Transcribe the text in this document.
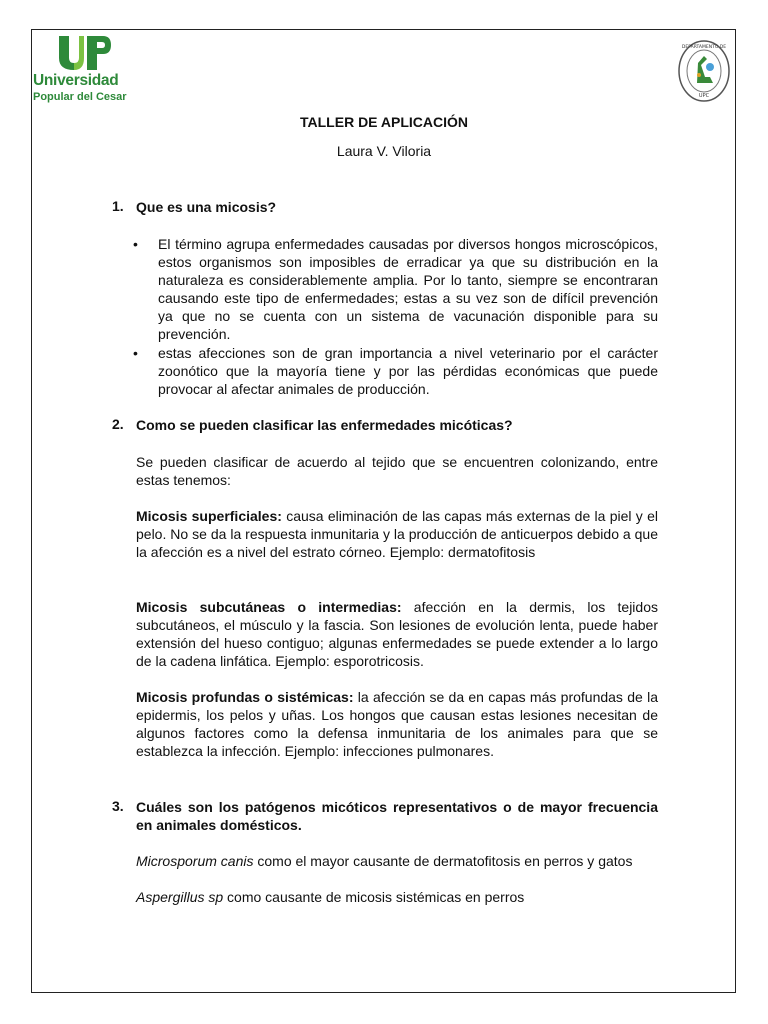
Universidad
Popular del Cesar
DEPARTAMENTO DE
UPC
TALLER DE APLICACIÓN
Laura V. Viloria
1. Que es una micosis?
• El término agrupa enfermedades causadas por diversos hongos microscópicos, estos organismos son imposibles de erradicar ya que su distribución en la naturaleza es considerablemente amplia. Por lo tanto, siempre se encontraran causando este tipo de enfermedades; estas a su vez son de difícil prevención ya que no se cuenta con un sistema de vacunación disponible para su prevención.
• estas afecciones son de gran importancia a nivel veterinario por el carácter zoonótico que la mayoría tiene y por las pérdidas económicas que puede provocar al afectar animales de producción.
2. Como se pueden clasificar las enfermedades micóticas?
Se pueden clasificar de acuerdo al tejido que se encuentren colonizando, entre estas tenemos:
Micosis superficiales: causa eliminación de las capas más externas de la piel y el pelo. No se da la respuesta inmunitaria y la producción de anticuerpos debido a que la afección es a nivel del estrato córneo. Ejemplo: dermatofitosis
Micosis subcutáneas o intermedias: afección en la dermis, los tejidos subcutáneos, el músculo y la fascia. Son lesiones de evolución lenta, puede haber extensión del hueso contiguo; algunas enfermedades se puede extender a lo largo de la cadena linfática. Ejemplo: esporotricosis.
Micosis profundas o sistémicas: la afección se da en capas más profundas de la epidermis, los pelos y uñas. Los hongos que causan estas lesiones necesitan de algunos factores como la defensa inmunitaria de los animales para que se establezca la infección. Ejemplo: infecciones pulmonares.
3. Cuáles son los patógenos micóticos representativos o de mayor frecuencia en animales domésticos.
Microsporum canis como el mayor causante de dermatofitosis en perros y gatos
Aspergillus sp como causante de micosis sistémicas en perros
